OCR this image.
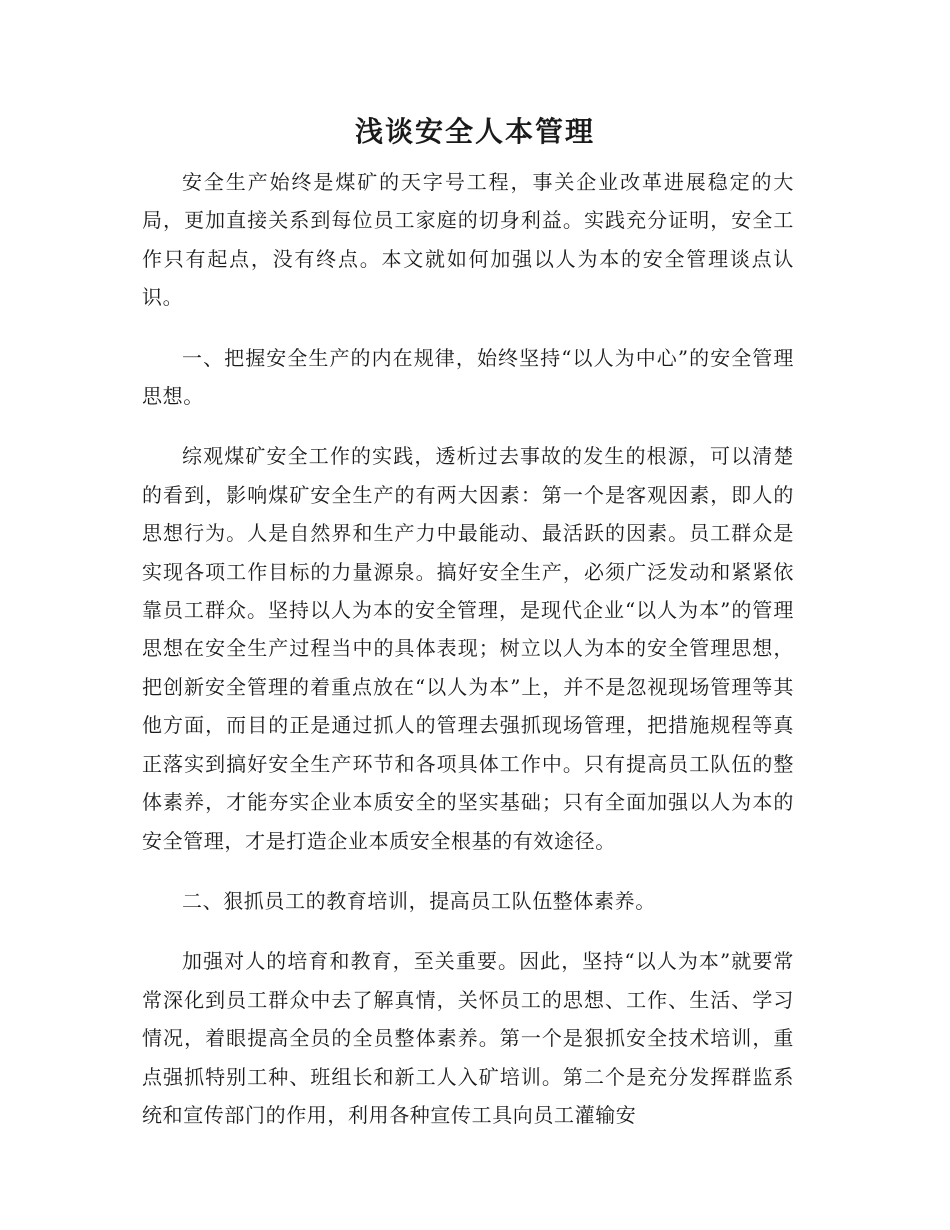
浅谈安全人本管理

安全生产始终是煤矿的天字号工程，事关企业改革进展稳定的大局，更加直接关系到每位员工家庭的切身利益。实践充分证明，安全工作只有起点，没有终点。本文就如何加强以人为本的安全管理谈点认识。

一、把握安全生产的内在规律，始终坚持“以人为中心”的安全管理思想。

综观煤矿安全工作的实践，透析过去事故的发生的根源，可以清楚的看到，影响煤矿安全生产的有两大因素：第一个是客观因素，即人的思想行为。人是自然界和生产力中最能动、最活跃的因素。员工群众是实现各项工作目标的力量源泉。搞好安全生产，必须广泛发动和紧紧依靠员工群众。坚持以人为本的安全管理，是现代企业“以人为本”的管理思想在安全生产过程当中的具体表现；树立以人为本的安全管理思想，把创新安全管理的着重点放在“以人为本”上，并不是忽视现场管理等其他方面，而目的正是通过抓人的管理去强抓现场管理，把措施规程等真正落实到搞好安全生产环节和各项具体工作中。只有提高员工队伍的整体素养，才能夯实企业本质安全的坚实基础；只有全面加强以人为本的安全管理，才是打造企业本质安全根基的有效途径。

二、狠抓员工的教育培训，提高员工队伍整体素养。

加强对人的培育和教育，至关重要。因此，坚持“以人为本”就要常常深化到员工群众中去了解真情，关怀员工的思想、工作、生活、学习情况，着眼提高全员的全员整体素养。第一个是狠抓安全技术培训，重点强抓特别工种、班组长和新工人入矿培训。第二个是充分发挥群监系统和宣传部门的作用，利用各种宣传工具向员工灌输安
